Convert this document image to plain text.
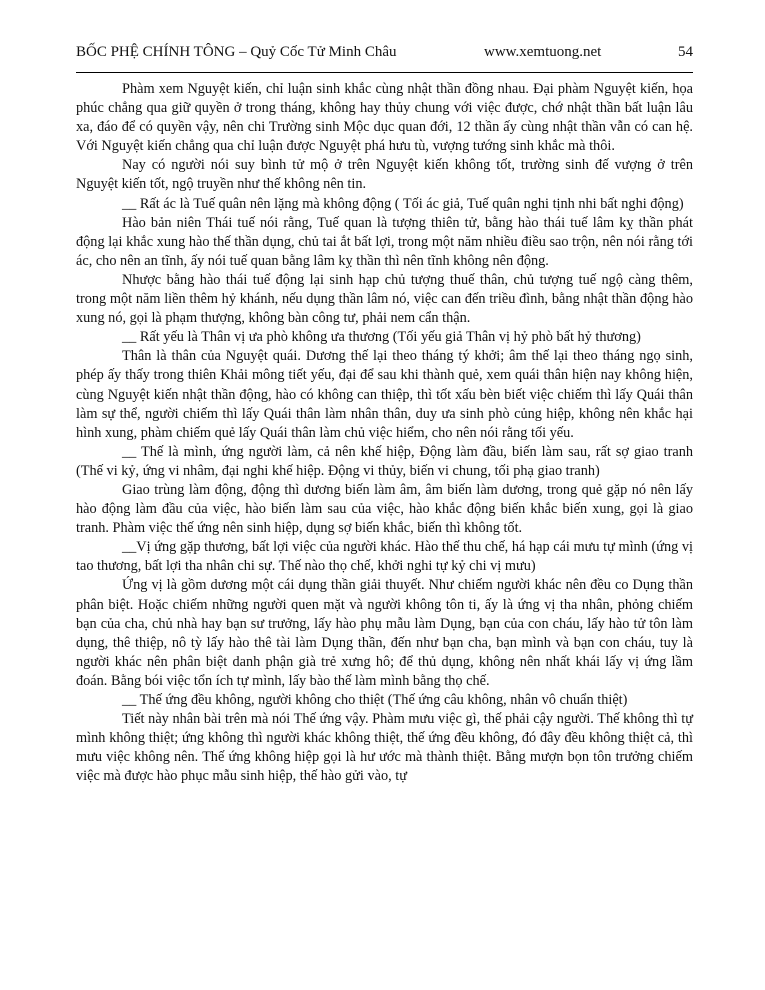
BỐC PHỆ CHÍNH TÔNG – Quỷ Cốc Tử Minh Châu	www.xemtuong.net	54

Phàm xem Nguyệt kiến, chỉ luận sinh khắc cùng nhật thần đồng nhau. Đại phàm Nguyệt kiến, họa phúc chẳng qua giữ quyền ở trong tháng, không hay thủy chung với việc được, chớ nhật thần bất luận lâu xa, đáo để có quyền vậy, nên chi Trường sinh Mộc dục quan đới, 12 thần ấy cùng nhật thần vẫn có can hệ. Với Nguyệt kiến chẳng qua chỉ luận được Nguyệt phá hưu tù, vượng tướng sinh khắc mà thôi.

Nay có người nói suy bình tử mộ ở trên Nguyệt kiến không tốt, trường sinh đế vượng ở trên Nguyệt kiến tốt, ngộ truyền như thế không nên tin.

__ Rất ác là Tuế quân nên lặng mà không động ( Tối ác giả, Tuế quân nghi tịnh nhi bất nghi động)

Hào bản niên Thái tuế nói rằng, Tuế quan là tượng thiên tử, bằng hào thái tuế lâm kỵ thần phát động lại khắc xung hào thế thần dụng, chủ tai ắt bất lợi, trong một năm nhiều điều sao trộn, nên nói rằng tới ác, cho nên an tĩnh, ấy nói tuế quan bằng lâm kỵ thần thì nên tĩnh không nên động.

Nhược bằng hào thái tuế động lại sinh hạp chủ tượng thuế thân, chủ tượng tuế ngộ càng thêm, trong một năm liền thêm hỷ khánh, nếu dụng thần lâm nó, việc can đến triều đình, bằng nhật thần động hào xung nó, gọi là phạm thượng, không bàn công tư, phải nem cẩn thận.

__ Rất yếu là Thân vị ưa phò không ưa thương (Tối yếu giả Thân vị hỷ phò bất hỷ thương)

Thân là thân của Nguyệt quái. Dương thế lại theo tháng tý khởi; âm thế lại theo tháng ngọ sinh, phép ấy thấy trong thiên Khải mông tiết yếu, đại để sau khi thành quẻ, xem quái thân hiện nay không hiện, cùng Nguyệt kiến nhật thần động, hào có không can thiệp, thì tốt xấu bèn biết việc chiếm thì lấy Quái thân làm sự thể, người chiếm thì lấy Quái thân làm nhân thân, duy ưa sinh phò củng hiệp, không nên khắc hại hình xung, phàm chiếm quẻ lấy Quái thân làm chủ việc hiểm, cho nên nói rằng tối yếu.

__ Thế là mình, ứng người làm, cả nên khế hiệp, Động làm đầu, biến làm sau, rất sợ giao tranh (Thế vi kỷ, ứng vi nhâm, đại nghi khế hiệp. Động vi thủy, biến vi chung, tối phạ giao tranh)

Giao trùng làm động, động thì dương biến làm âm, âm biến làm dương, trong quẻ gặp nó nên lấy hào động làm đầu của việc, hào biến làm sau của việc, hào khắc động biến khắc biến xung, gọi là giao tranh. Phàm việc thế ứng nên sinh hiệp, dụng sợ biến khắc, biến thì không tốt.

__Vị ứng gặp thương, bất lợi việc của người khác. Hào thế thu chế, há hạp cái mưu tự mình (ứng vị tao thương, bất lợi tha nhân chi sự. Thế nào thọ chế, khởi nghi tự kỷ chi vị mưu)

Ứng vị là gồm dương một cái dụng thần giải thuyết. Như chiếm người khác nên đều co Dụng thần phân biệt. Hoặc chiếm những người quen mặt và người không tôn ti, ấy là ứng vị tha nhân, phỏng chiếm bạn của cha, chủ nhà hay bạn sư trưởng, lấy hào phụ mẫu làm Dụng, bạn của con cháu, lấy hào tử tôn làm dụng, thê thiệp, nô tỳ lấy hào thê tài làm Dụng thần, đến như bạn cha, bạn mình và bạn con cháu, tuy là người khác nên phân biệt danh phận già trẻ xưng hô; để thủ dụng, không nên nhất khái lấy vị ứng lầm đoán. Bằng bói việc tổn ích tự mình, lấy bào thế làm mình bằng thọ chế.

__ Thế ứng đều không, người không cho thiệt (Thế ứng câu không, nhân vô chuẩn thiệt)

Tiết này nhân bài trên mà nói Thế ứng vậy. Phàm mưu việc gì, thế phải cậy người. Thế không thì tự mình không thiệt; ứng không thì người khác không thiệt, thế ứng đều không, đó đây đều không thiệt cả, thì mưu việc không nên. Thế ứng không hiệp gọi là hư ước mà thành thiệt. Bằng mượn bọn tôn trưởng chiếm việc mà được hào phục mẫu sinh hiệp, thế hào gửi vào, tự
